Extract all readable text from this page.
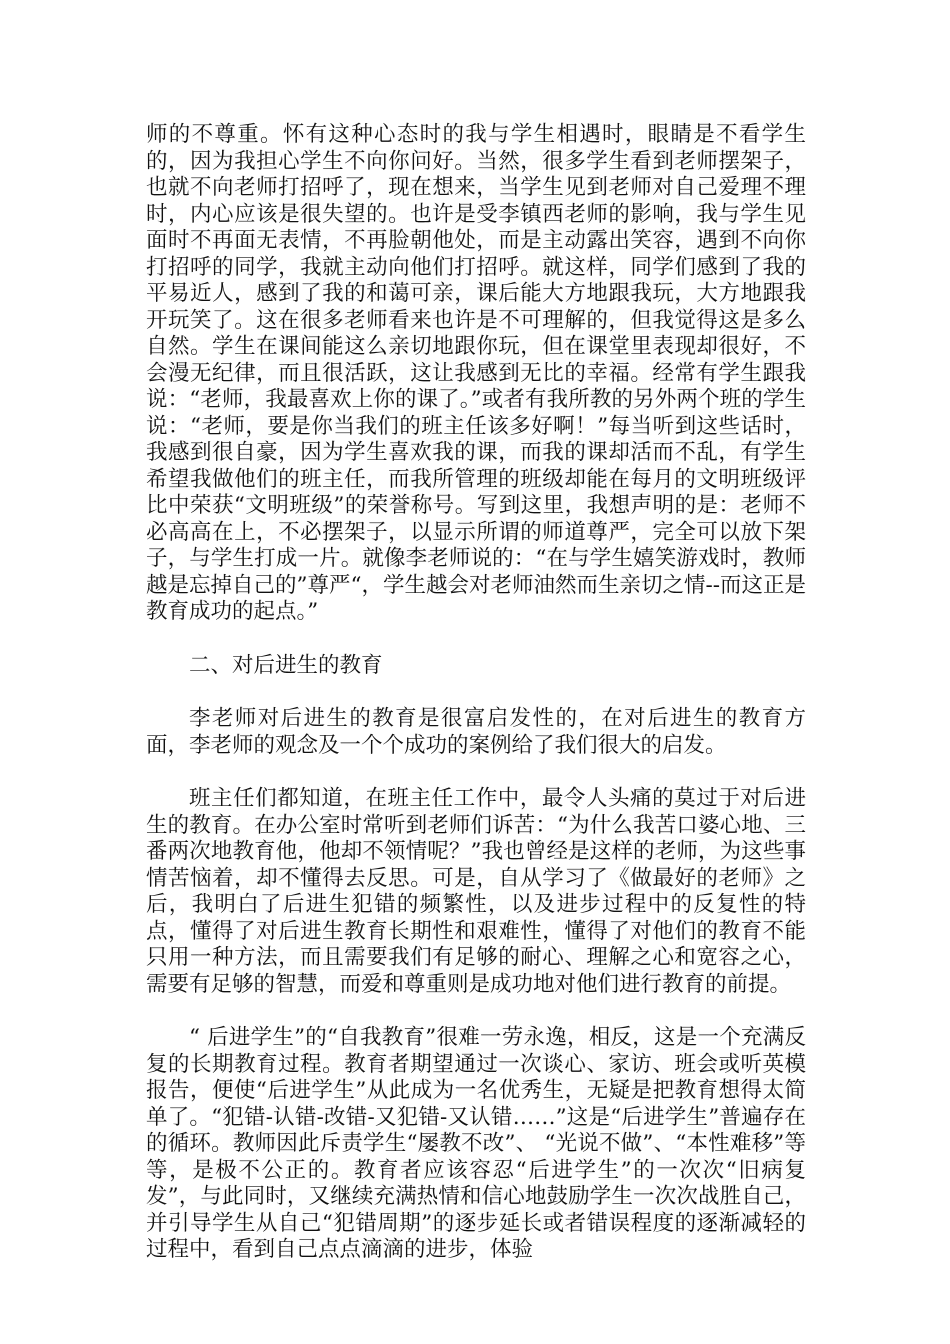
师的不尊重。怀有这种心态时的我与学生相遇时，眼睛是不看学生的，因为我担心学生不向你问好。当然，很多学生看到老师摆架子，也就不向老师打招呼了，现在想来，当学生见到老师对自己爱理不理时，内心应该是很失望的。也许是受李镇西老师的影响，我与学生见面时不再面无表情，不再脸朝他处，而是主动露出笑容，遇到不向你打招呼的同学，我就主动向他们打招呼。就这样，同学们感到了我的平易近人，感到了我的和蔼可亲，课后能大方地跟我玩，大方地跟我开玩笑了。这在很多老师看来也许是不可理解的，但我觉得这是多么自然。学生在课间能这么亲切地跟你玩，但在课堂里表现却很好，不会漫无纪律，而且很活跃，这让我感到无比的幸福。经常有学生跟我说：“老师，我最喜欢上你的课了。”或者有我所教的另外两个班的学生说：“老师，要是你当我们的班主任该多好啊！”每当听到这些话时，我感到很自豪，因为学生喜欢我的课，而我的课却活而不乱，有学生希望我做他们的班主任，而我所管理的班级却能在每月的文明班级评比中荣获“文明班级”的荣誉称号。写到这里，我想声明的是：老师不必高高在上，不必摆架子，以显示所谓的师道尊严，完全可以放下架子，与学生打成一片。就像李老师说的：“在与学生嬉笑游戏时，教师越是忘掉自己的”尊严“，学生越会对老师油然而生亲切之情--而这正是教育成功的起点。”

二、对后进生的教育

李老师对后进生的教育是很富启发性的，在对后进生的教育方面，李老师的观念及一个个成功的案例给了我们很大的启发。

班主任们都知道，在班主任工作中，最令人头痛的莫过于对后进生的教育。在办公室时常听到老师们诉苦：“为什么我苦口婆心地、三番两次地教育他，他却不领情呢？”我也曾经是这样的老师，为这些事情苦恼着，却不懂得去反思。可是，自从学习了《做最好的老师》之后，我明白了后进生犯错的频繁性，以及进步过程中的反复性的特点，懂得了对后进生教育长期性和艰难性，懂得了对他们的教育不能只用一种方法，而且需要我们有足够的耐心、理解之心和宽容之心，需要有足够的智慧，而爱和尊重则是成功地对他们进行教育的前提。

“ 后进学生”的“自我教育”很难一劳永逸，相反，这是一个充满反复的长期教育过程。教育者期望通过一次谈心、家访、班会或听英模报告，便使“后进学生”从此成为一名优秀生，无疑是把教育想得太简单了。“犯错-认错-改错-又犯错-又认错……”这是“后进学生”普遍存在的循环。教师因此斥责学生“屡教不改”、 “光说不做”、“本性难移”等等，是极不公正的。教育者应该容忍“后进学生”的一次次“旧病复发”，与此同时，又继续充满热情和信心地鼓励学生一次次战胜自己，并引导学生从自己“犯错周期”的逐步延长或者错误程度的逐渐减轻的过程中，看到自己点点滴滴的进步，体验
